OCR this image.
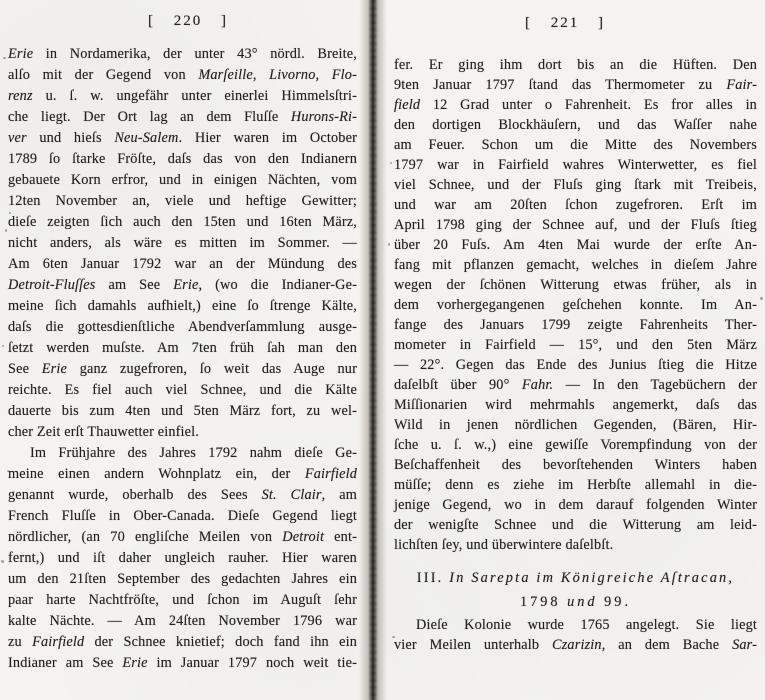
[ 220 ]	[ 221 ]
Erie in Nordamerika, der unter 43° nördl. Breite,
alſo mit der Gegend von Marſeille, Livorno, Flo-
renz u. ſ. w. ungefähr unter einerlei Himmelsſtri-
che liegt. Der Ort lag an dem Fluſſe Hurons-Ri-
ver und hieſs Neu-Salem. Hier waren im October
1789 ſo ſtarke Fröſte, daſs das von den Indianern
gebauete Korn erfror, und in einigen Nächten, vom
12ten November an, viele und heftige Gewitter;
dieſe zeigten ſich auch den 15ten und 16ten März,
nicht anders, als wäre es mitten im Sommer. —
Am 6ten Januar 1792 war an der Mündung des
Detroit-Fluſſes am See Erie, (wo die Indianer-Ge-
meine ſich damahls aufhielt,) eine ſo ſtrenge Kälte,
daſs die gottesdienſtliche Abendverſammlung ausge-
ſetzt werden muſste. Am 7ten früh ſah man den
See Erie ganz zugefroren, ſo weit das Auge nur
reichte. Es fiel auch viel Schnee, und die Kälte
dauerte bis zum 4ten und 5ten März fort, zu wel-
cher Zeit erſt Thauwetter einfiel.
Im Frühjahre des Jahres 1792 nahm dieſe Ge-
meine einen andern Wohnplatz ein, der Fairfield
genannt wurde, oberhalb des Sees St. Clair, am
French Fluſſe in Ober-Canada. Dieſe Gegend liegt
nördlicher, (an 70 engliſche Meilen von Detroit ent-
fernt,) und iſt daher ungleich rauher. Hier waren
um den 21ſten September des gedachten Jahres ein
paar harte Nachtfröſte, und ſchon im Auguſt ſehr
kalte Nächte. — Am 24ſten November 1796 war
zu Fairfield der Schnee knietief; doch fand ihn ein
Indianer am See Erie im Januar 1797 noch weit tie-
fer. Er ging ihm dort bis an die Hüften. Den
9ten Januar 1797 ſtand das Thermometer zu Fair-
field 12 Grad unter o Fahrenheit. Es fror alles in
den dortigen Blockhäuſern, und das Waſſer nahe
am Feuer. Schon um die Mitte des Novembers
1797 war in Fairfield wahres Winterwetter, es fiel
viel Schnee, und der Fluſs ging ſtark mit Treibeis,
und war am 20ſten ſchon zugefroren. Erſt im
April 1798 ging der Schnee auf, und der Fluſs ſtieg
über 20 Fuſs. Am 4ten Mai wurde der erſte An-
fang mit pflanzen gemacht, welches in dieſem Jahre
wegen der ſchönen Witterung etwas früher, als in
dem vorhergegangenen geſchehen konnte. Im An-
fange des Januars 1799 zeigte Fahrenheits Ther-
mometer in Fairfield — 15°, und den 5ten März
— 22°. Gegen das Ende des Junius ſtieg die Hitze
daſelbſt über 90° Fahr. — In den Tagebüchern der
Miſſionarien wird mehrmahls angemerkt, daſs das
Wild in jenen nördlichen Gegenden, (Bären, Hir-
ſche u. ſ. w.,) eine gewiſſe Vorempfindung von der
Beſchaffenheit des bevorſtehenden Winters haben
müſſe; denn es ziehe im Herbſte allemahl in die-
jenige Gegend, wo in dem darauf folgenden Winter
der wenigſte Schnee und die Witterung am leid-
lichſten ſey, und überwintere daſelbſt.
III. In Sarepta im Königreiche Aſtracan,
1798 und 99.
Dieſe Kolonie wurde 1765 angelegt. Sie liegt
vier Meilen unterhalb Czarizin, an dem Bache Sar-
